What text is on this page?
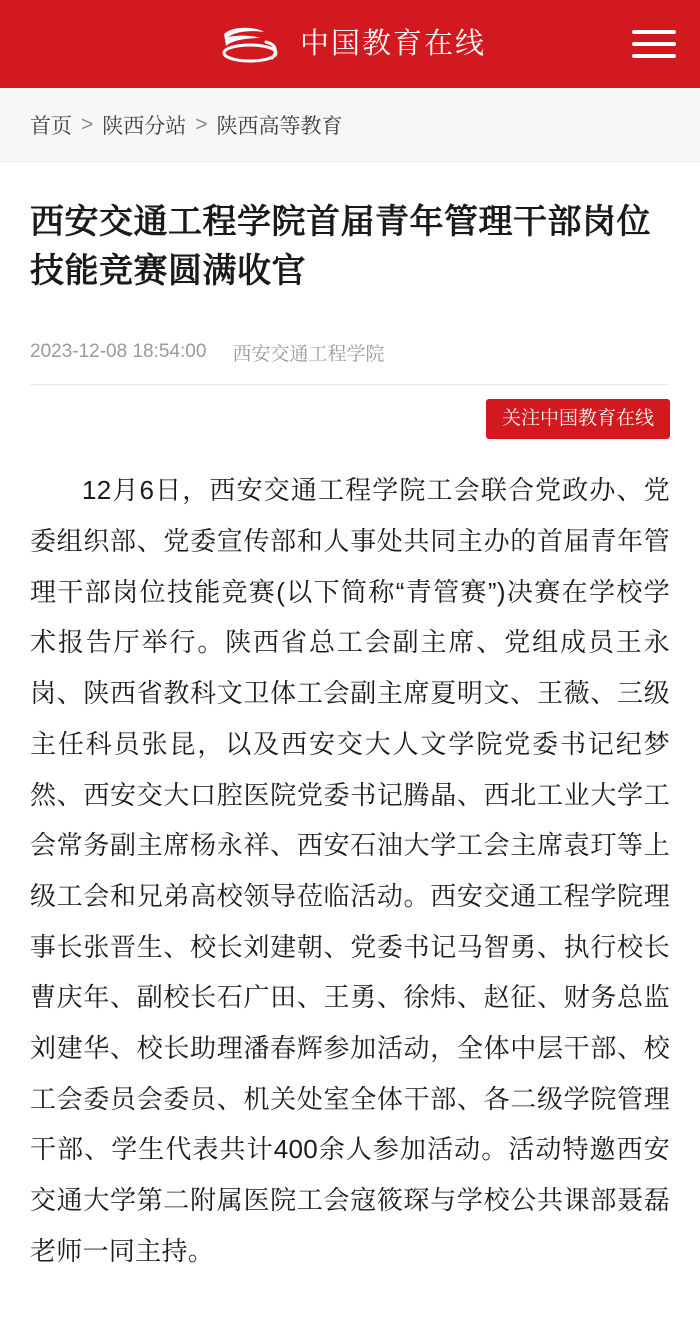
中国教育在线
首页 > 陕西分站 > 陕西高等教育
西安交通工程学院首届青年管理干部岗位技能竞赛圆满收官
2023-12-08 18:54:00 西安交通工程学院
关注中国教育在线

12月6日，西安交通工程学院工会联合党政办、党委组织部、党委宣传部和人事处共同主办的首届青年管理干部岗位技能竞赛(以下简称“青管赛”)决赛在学校学术报告厅举行。陕西省总工会副主席、党组成员王永岗、陕西省教科文卫体工会副主席夏明文、王薇、三级主任科员张昆，以及西安交大人文学院党委书记纪梦然、西安交大口腔医院党委书记腾晶、西北工业大学工会常务副主席杨永祥、西安石油大学工会主席袁玎等上级工会和兄弟高校领导莅临活动。西安交通工程学院理事长张晋生、校长刘建朝、党委书记马智勇、执行校长曹庆年、副校长石广田、王勇、徐炜、赵征、财务总监刘建华、校长助理潘春辉参加活动，全体中层干部、校工会委员会委员、机关处室全体干部、各二级学院管理干部、学生代表共计400余人参加活动。活动特邀西安交通大学第二附属医院工会寇筱琛与学校公共课部聂磊老师一同主持。
